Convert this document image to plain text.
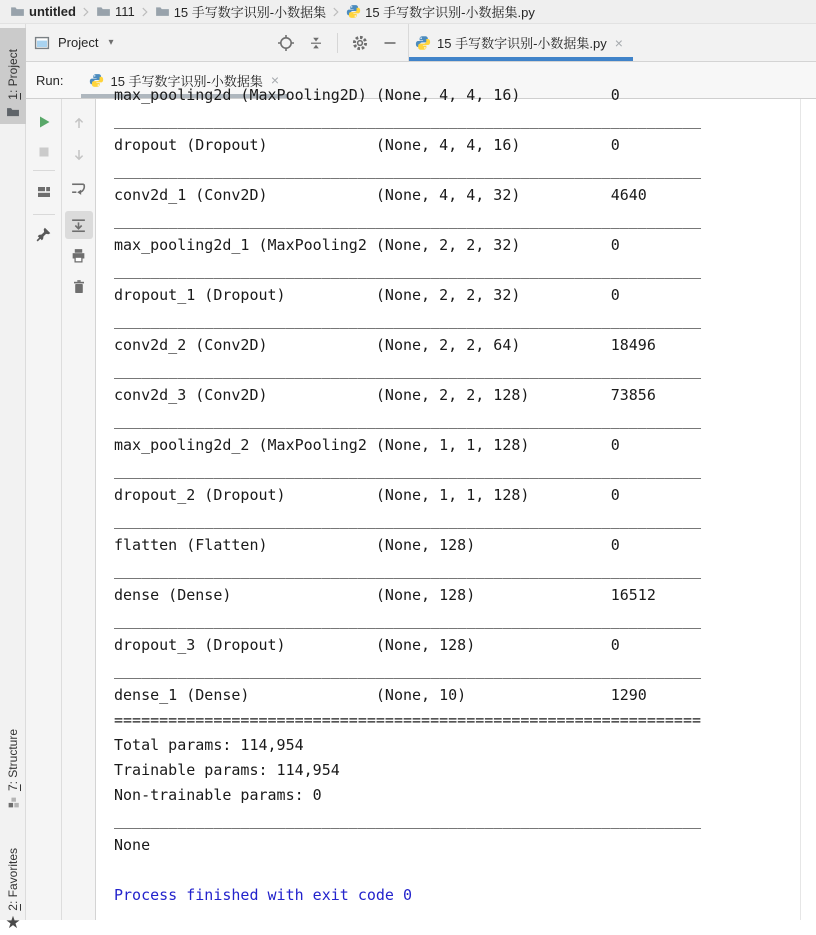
untitled	111	15 手写数字识别-小数据集	15 手写数字识别-小数据集.py
1: Project
7: Structure
2: Favorites
★
Project ▾	15 手写数字识别-小数据集.py ×
Run:	15 手写数字识别-小数据集 ×
max_pooling2d (MaxPooling2D) (None, 4, 4, 16)          0
_________________________________________________________________
dropout (Dropout)            (None, 4, 4, 16)          0
_________________________________________________________________
conv2d_1 (Conv2D)            (None, 4, 4, 32)          4640
_________________________________________________________________
max_pooling2d_1 (MaxPooling2 (None, 2, 2, 32)          0
_________________________________________________________________
dropout_1 (Dropout)          (None, 2, 2, 32)          0
_________________________________________________________________
conv2d_2 (Conv2D)            (None, 2, 2, 64)          18496
_________________________________________________________________
conv2d_3 (Conv2D)            (None, 2, 2, 128)         73856
_________________________________________________________________
max_pooling2d_2 (MaxPooling2 (None, 1, 1, 128)         0
_________________________________________________________________
dropout_2 (Dropout)          (None, 1, 1, 128)         0
_________________________________________________________________
flatten (Flatten)            (None, 128)               0
_________________________________________________________________
dense (Dense)                (None, 128)               16512
_________________________________________________________________
dropout_3 (Dropout)          (None, 128)               0
_________________________________________________________________
dense_1 (Dense)              (None, 10)                1290
=================================================================
Total params: 114,954
Trainable params: 114,954
Non-trainable params: 0
_________________________________________________________________
None
Process finished with exit code 0
